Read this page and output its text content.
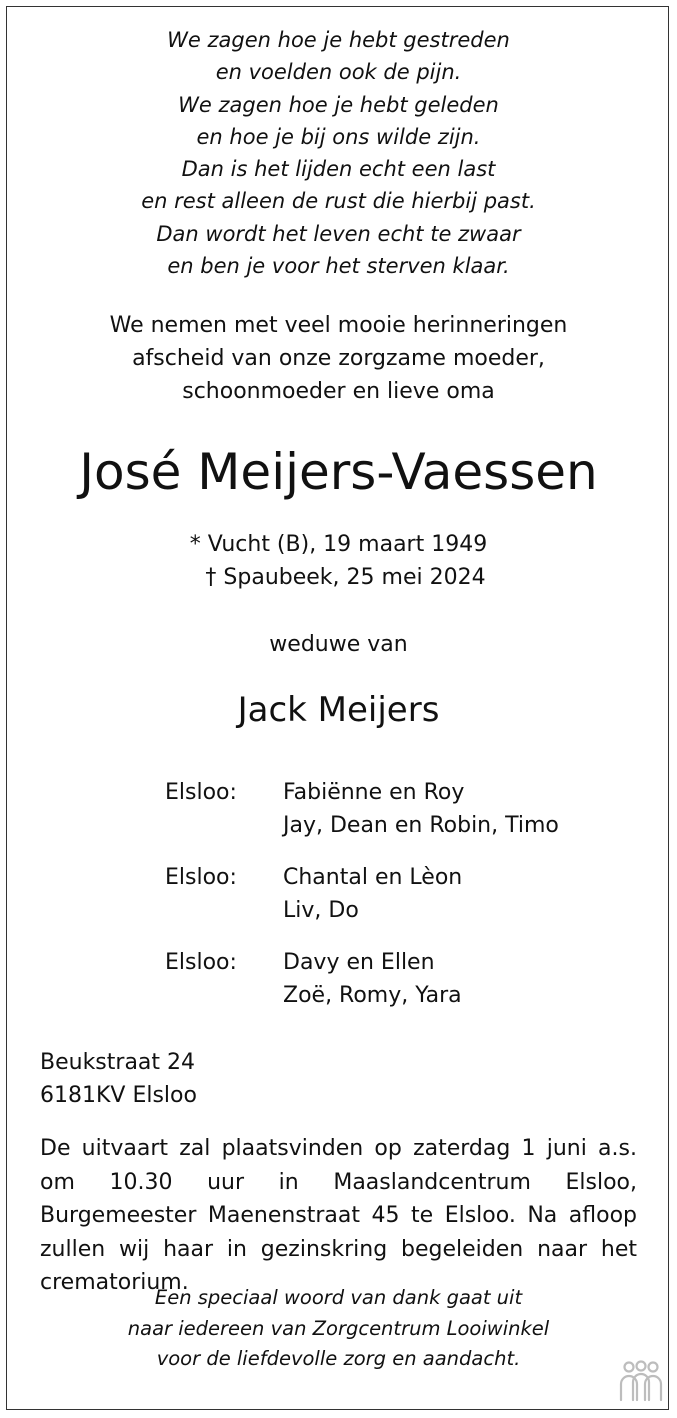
We zagen hoe je hebt gestreden
en voelden ook de pijn.
We zagen hoe je hebt geleden
en hoe je bij ons wilde zijn.
Dan is het lijden echt een last
en rest alleen de rust die hierbij past.
Dan wordt het leven echt te zwaar
en ben je voor het sterven klaar.
We nemen met veel mooie herinneringen
afscheid van onze zorgzame moeder,
schoonmoeder en lieve oma
José Meijers-Vaessen
* Vucht (B), 19 maart 1949
† Spaubeek, 25 mei 2024
weduwe van
Jack Meijers
Elsloo:	Fabiënne en Roy
Jay, Dean en Robin, Timo
Elsloo:	Chantal en Lèon
Liv, Do
Elsloo:	Davy en Ellen
Zoë, Romy, Yara
Beukstraat 24
6181KV Elsloo
De uitvaart zal plaatsvinden op zaterdag 1 juni a.s. om 10.30 uur in Maaslandcentrum Elsloo, Burgemeester Maenenstraat 45 te Elsloo. Na afloop zullen wij haar in gezinskring begeleiden naar het crematorium.
Een speciaal woord van dank gaat uit
naar iedereen van Zorgcentrum Looiwinkel
voor de liefdevolle zorg en aandacht.
